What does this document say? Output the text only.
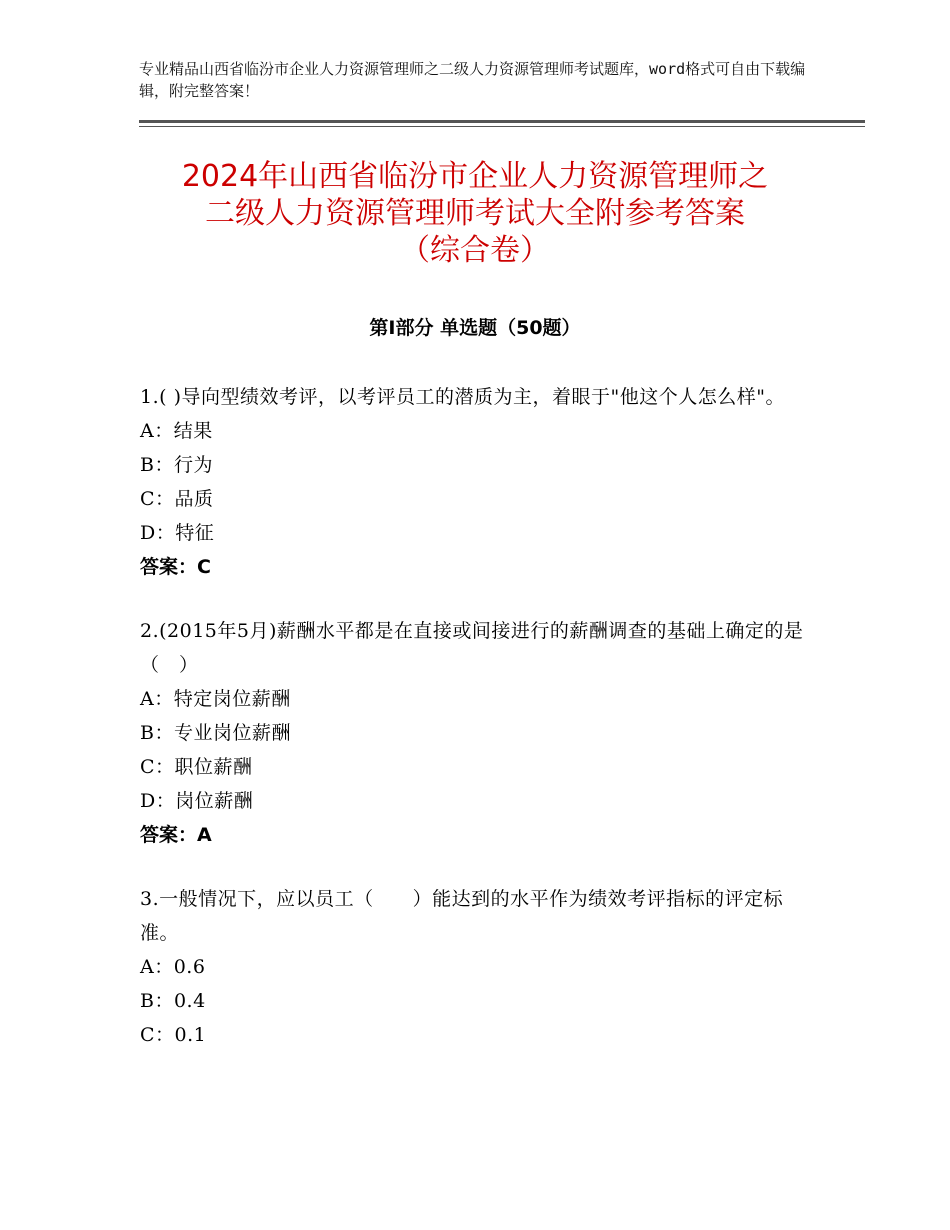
专业精品山西省临汾市企业人力资源管理师之二级人力资源管理师考试题库，word格式可自由下载编辑，附完整答案！
2024年山西省临汾市企业人力资源管理师之
二级人力资源管理师考试大全附参考答案
（综合卷）
第Ⅰ部分 单选题（50题）
1.( )导向型绩效考评，以考评员工的潜质为主，着眼于"他这个人怎么样"。
A：结果
B：行为
C：品质
D：特征
答案：C
2.(2015年5月)薪酬水平都是在直接或间接进行的薪酬调查的基础上确定的是（　）
A：特定岗位薪酬
B：专业岗位薪酬
C：职位薪酬
D：岗位薪酬
答案：A
3.一般情况下，应以员工（　　）能达到的水平作为绩效考评指标的评定标准。
A：0.6
B：0.4
C：0.1
